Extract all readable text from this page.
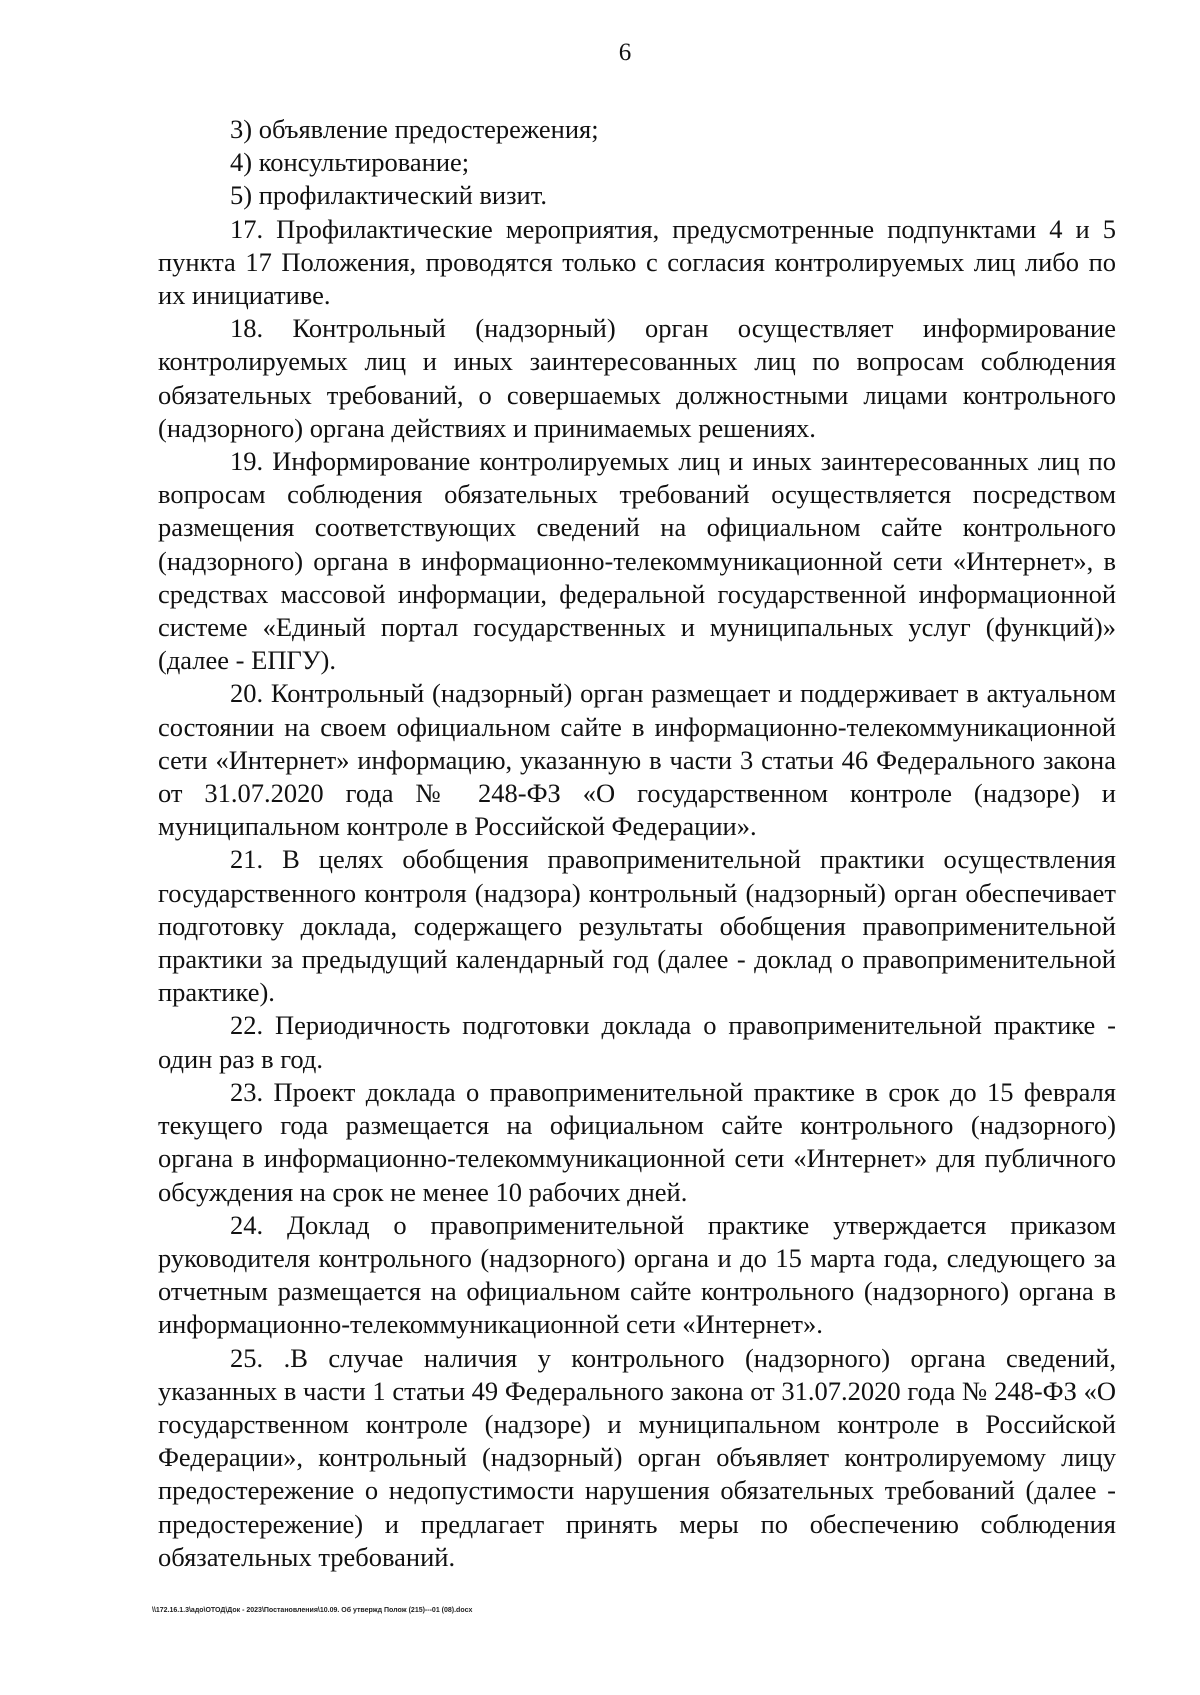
6

3) объявление предостережения;

4) консультирование;

5) профилактический визит.

17. Профилактические мероприятия, предусмотренные подпунктами 4 и 5 пункта 17 Положения, проводятся только с согласия контролируемых лиц либо по их инициативе.

18. Контрольный (надзорный) орган осуществляет информирование контролируемых лиц и иных заинтересованных лиц по вопросам соблюдения обязательных требований, о совершаемых должностными лицами контрольного (надзорного) органа действиях и принимаемых решениях.

19. Информирование контролируемых лиц и иных заинтересованных лиц по вопросам соблюдения обязательных требований осуществляется посредством размещения соответствующих сведений на официальном сайте контрольного (надзорного) органа в информационно-телекоммуникационной сети «Интернет», в средствах массовой информации, федеральной государственной информационной системе «Единый портал государственных и муниципальных услуг (функций)» (далее - ЕПГУ).

20. Контрольный (надзорный) орган размещает и поддерживает в актуальном состоянии на своем официальном сайте в информационно-телекоммуникационной сети «Интернет» информацию, указанную в части 3 статьи 46 Федерального закона от 31.07.2020 года № 248-ФЗ «О государственном контроле (надзоре) и муниципальном контроле в Российской Федерации».

21. В целях обобщения правоприменительной практики осуществления государственного контроля (надзора) контрольный (надзорный) орган обеспечивает подготовку доклада, содержащего результаты обобщения правоприменительной практики за предыдущий календарный год (далее - доклад о правоприменительной практике).

22. Периодичность подготовки доклада о правоприменительной практике - один раз в год.

23. Проект доклада о правоприменительной практике в срок до 15 февраля текущего года размещается на официальном сайте контрольного (надзорного) органа в информационно-телекоммуникационной сети «Интернет» для публичного обсуждения на срок не менее 10 рабочих дней.

24. Доклад о правоприменительной практике утверждается приказом руководителя контрольного (надзорного) органа и до 15 марта года, следующего за отчетным размещается на официальном сайте контрольного (надзорного) органа в информационно-телекоммуникационной сети «Интернет».

25. .В случае наличия у контрольного (надзорного) органа сведений, указанных в части 1 статьи 49 Федерального закона от 31.07.2020 года № 248-ФЗ «О государственном контроле (надзоре) и муниципальном контроле в Российской Федерации», контрольный (надзорный) орган объявляет контролируемому лицу предостережение о недопустимости нарушения обязательных требований (далее - предостережение) и предлагает принять меры по обеспечению соблюдения обязательных требований.

\\172.16.1.3\адо\ОТОД\Док - 2023\Постановления\10.09. Об утвержд Полож (215)---01 (08).docx
